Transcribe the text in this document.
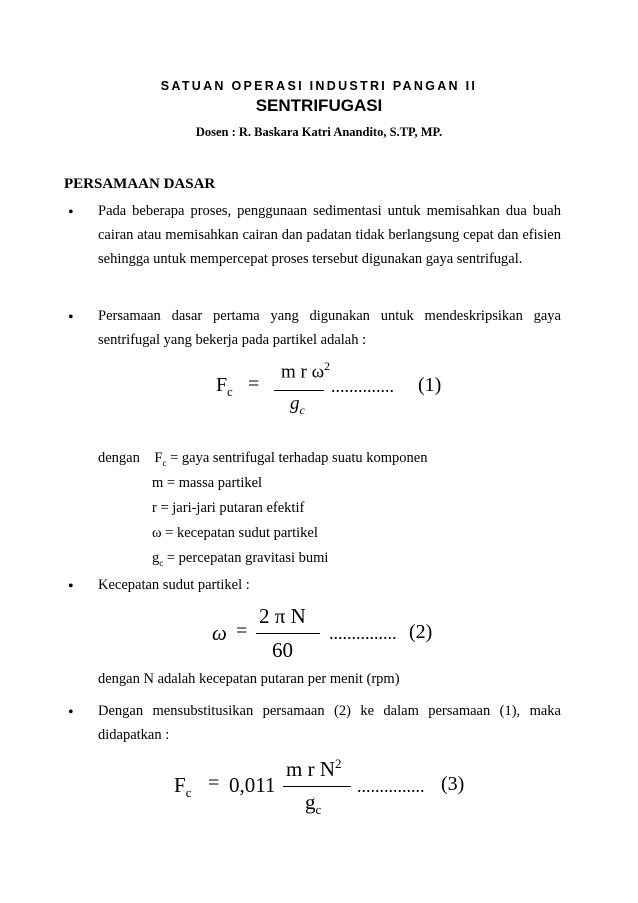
SATUAN OPERASI INDUSTRI PANGAN II
SENTRIFUGASI
Dosen : R. Baskara Katri Anandito, S.TP, MP.
PERSAMAAN DASAR
• Pada beberapa proses, penggunaan sedimentasi untuk memisahkan dua buah cairan atau memisahkan cairan dan padatan tidak berlangsung cepat dan efisien sehingga untuk mempercepat proses tersebut digunakan gaya sentrifugal.
• Persamaan dasar pertama yang digunakan untuk mendeskripsikan gaya sentrifugal yang bekerja pada partikel adalah :
$F_c$ =
m r $\omega^2$
$g_c$
.............. (1)
dengan $F_c$ = gaya sentrifugal terhadap suatu komponen
m = massa partikel
r = jari-jari putaran efektif
ω = kecepatan sudut partikel
$g_c$ = percepatan gravitasi bumi
• Kecepatan sudut partikel :
ω =
2 π N
60
............... (2)
dengan N adalah kecepatan putaran per menit (rpm)
• Dengan mensubstitusikan persamaan (2) ke dalam persamaan (1), maka didapatkan :
$F_c = 0,011$
m r $N^2$
$g_c$
............... (3)
